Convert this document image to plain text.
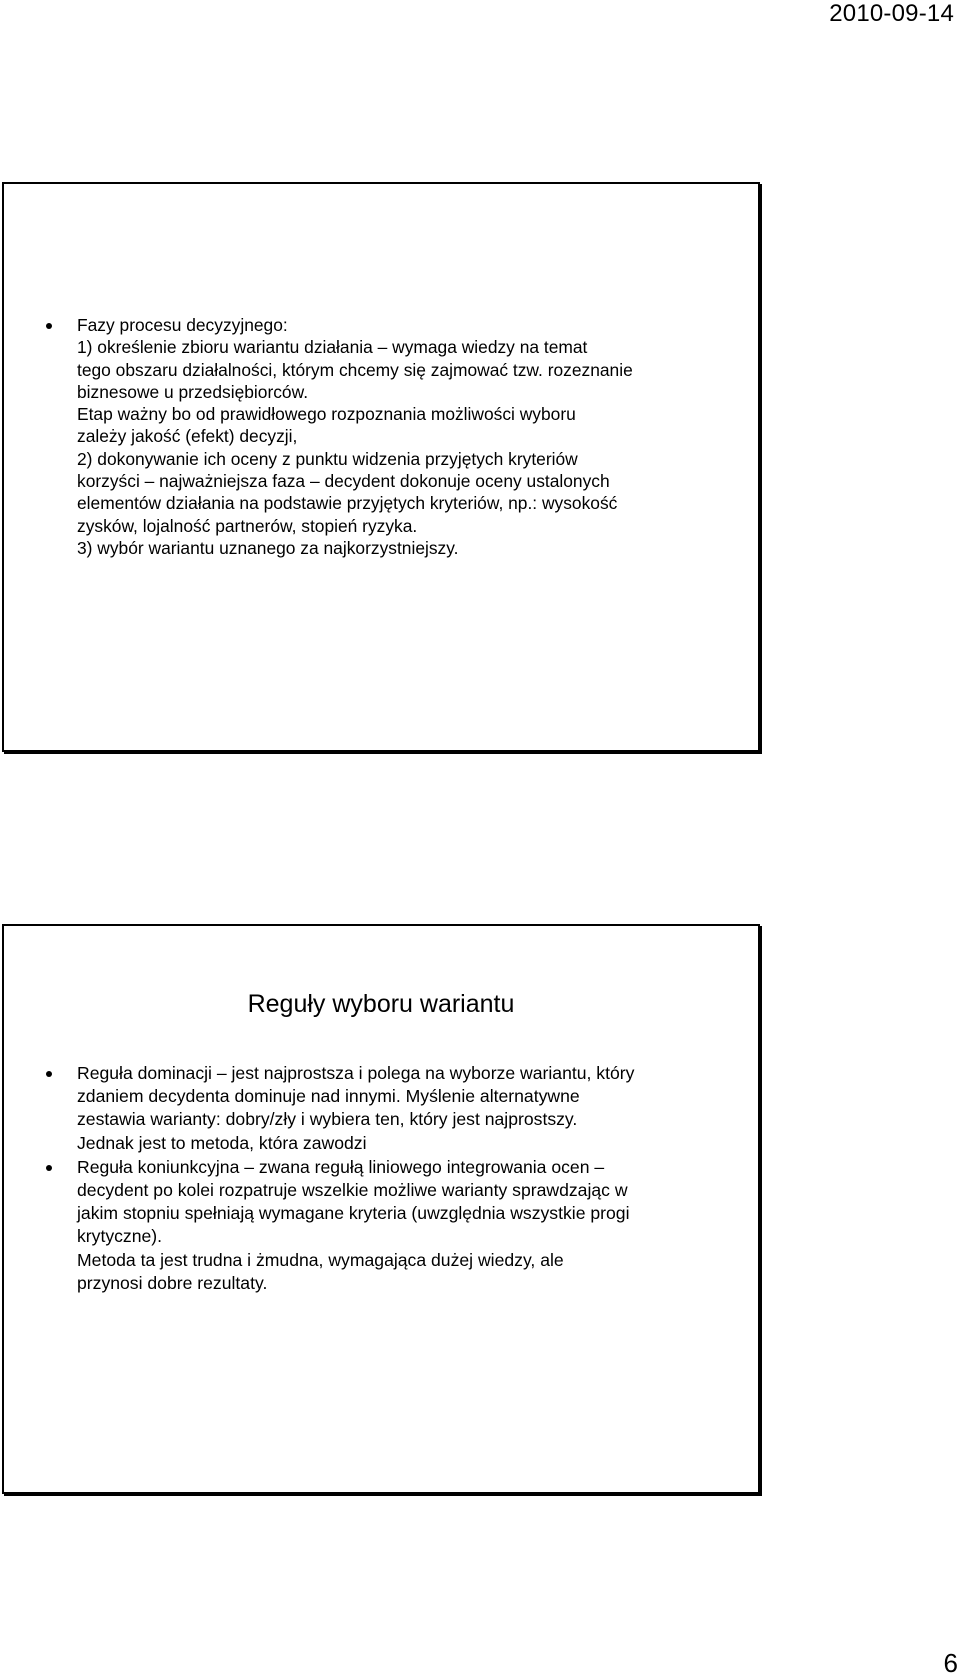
2010-09-14
Fazy procesu decyzyjnego:
1) określenie zbioru wariantu działania – wymaga wiedzy na temat
tego obszaru działalności, którym chcemy się zajmować tzw. rozeznanie
biznesowe u przedsiębiorców.
Etap ważny bo od prawidłowego rozpoznania możliwości wyboru
zależy jakość (efekt) decyzji,
2) dokonywanie ich oceny z punktu widzenia przyjętych kryteriów
korzyści – najważniejsza faza – decydent dokonuje oceny ustalonych
elementów działania na podstawie przyjętych kryteriów, np.: wysokość
zysków, lojalność partnerów, stopień ryzyka.
3) wybór wariantu uznanego za najkorzystniejszy.
Reguły wyboru wariantu
Reguła dominacji – jest najprostsza i polega na wyborze wariantu, który
zdaniem decydenta dominuje nad innymi. Myślenie alternatywne
zestawia warianty: dobry/zły i wybiera ten, który jest najprostszy.
Jednak jest to metoda, która zawodzi
Reguła koniunkcyjna – zwana regułą liniowego integrowania ocen –
decydent po kolei rozpatruje wszelkie możliwe warianty sprawdzając w
jakim stopniu spełniają wymagane kryteria (uwzględnia wszystkie progi
krytyczne).
Metoda ta jest trudna i żmudna, wymagająca dużej wiedzy, ale
przynosi dobre rezultaty.
6
